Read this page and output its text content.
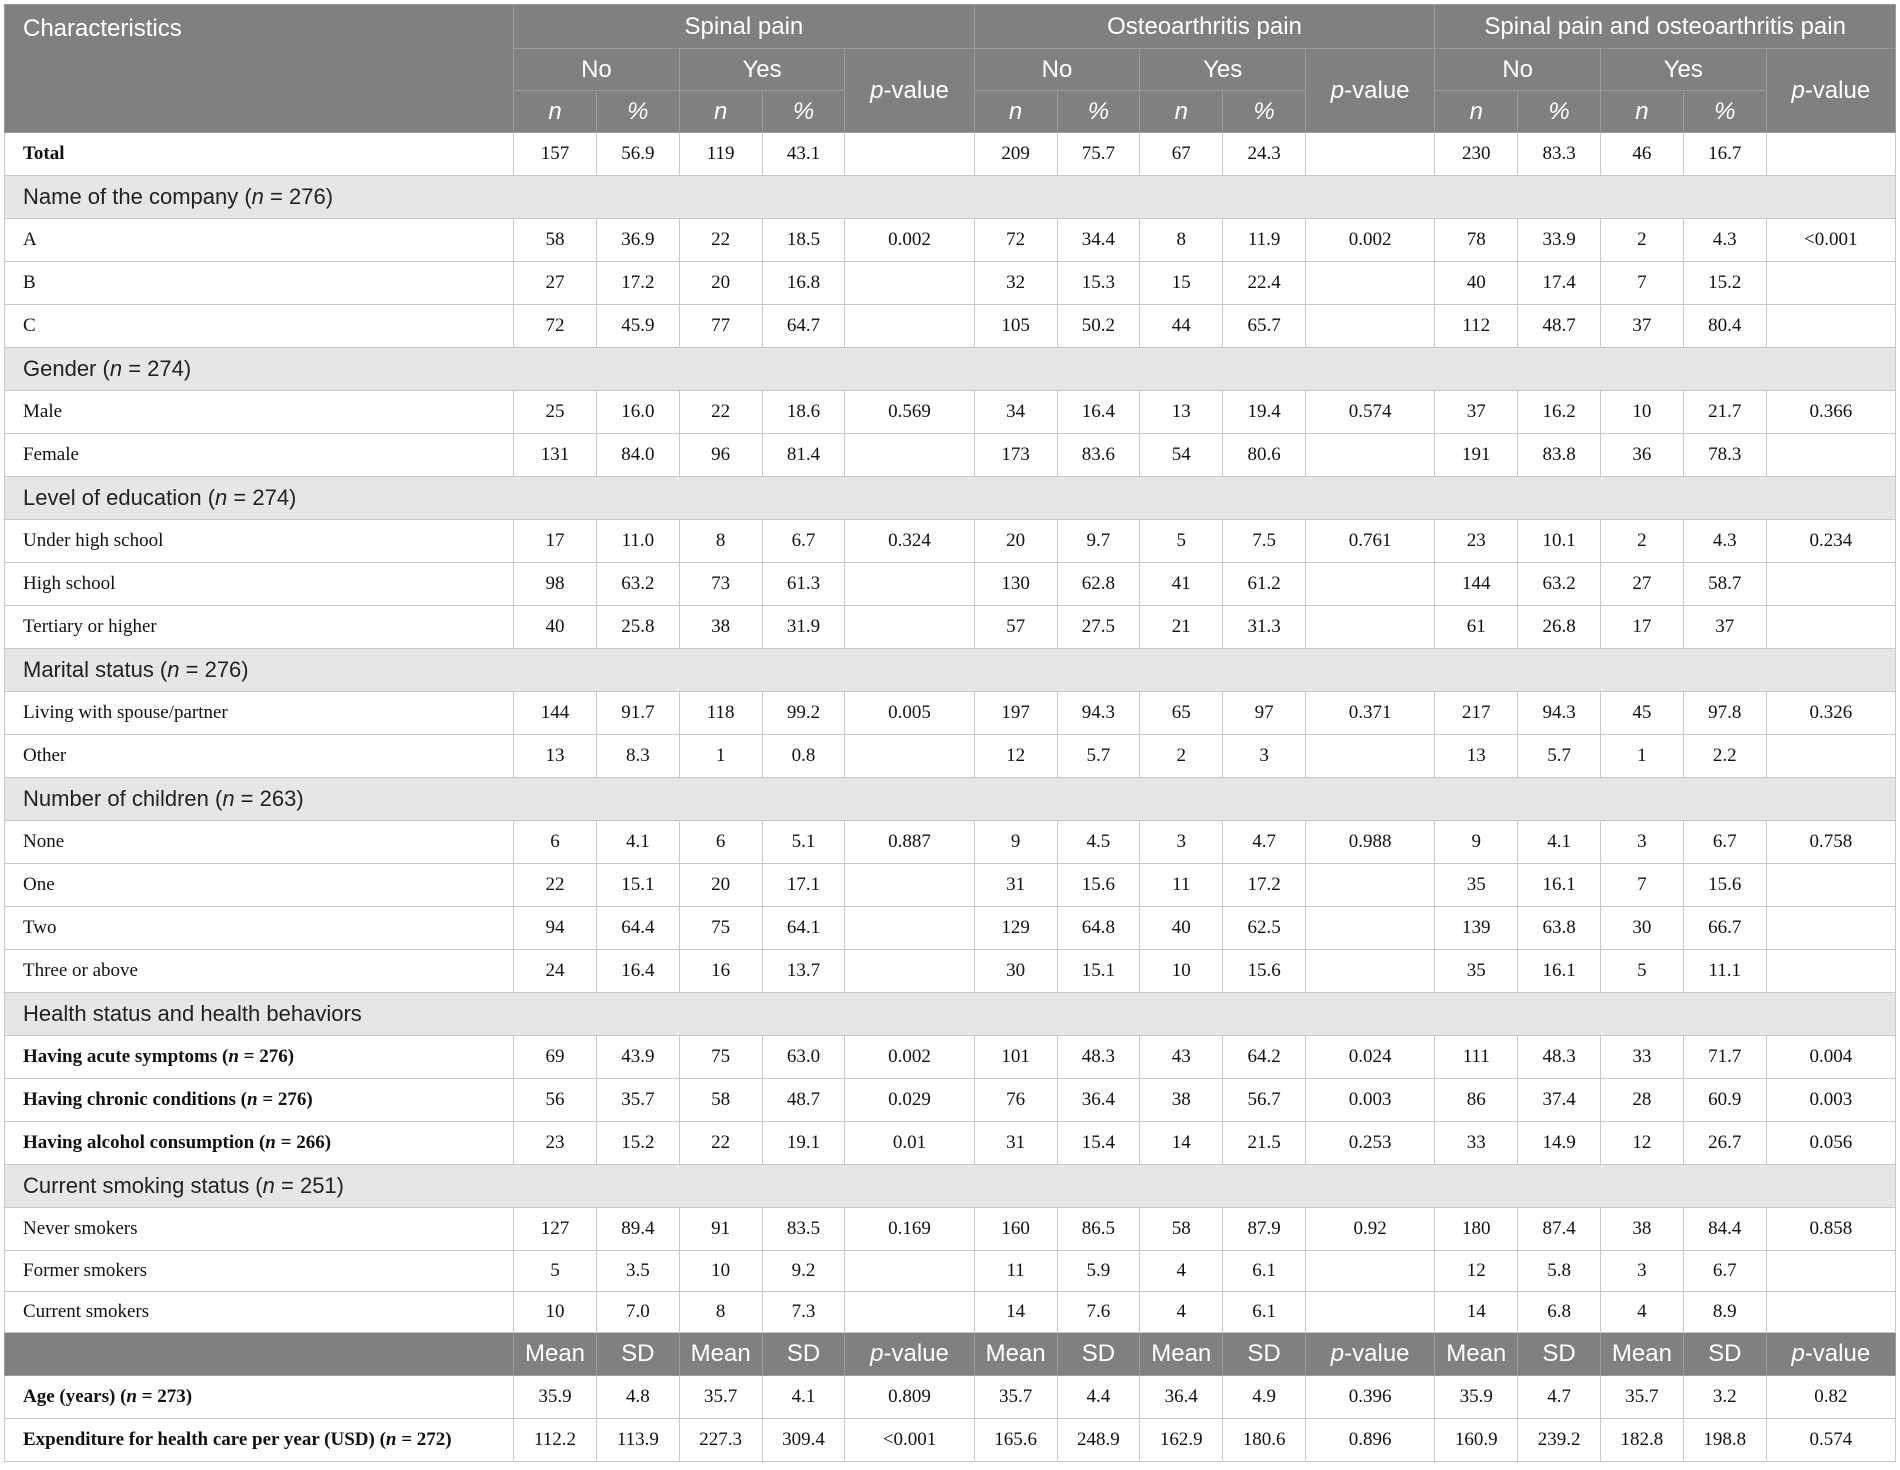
Characteristics	Spinal pain					Osteoarthritis pain					Spinal pain and osteoarthritis pain				
	No		Yes		p-value	No		Yes		p-value	No		Yes		p-value
	n	%	n	%		n	%	n	%		n	%	n	%	
Total	157	56.9	119	43.1		209	75.7	67	24.3		230	83.3	46	16.7	
Name of the company (n = 276)															
A	58	36.9	22	18.5	0.002	72	34.4	8	11.9	0.002	78	33.9	2	4.3	<0.001
B	27	17.2	20	16.8		32	15.3	15	22.4		40	17.4	7	15.2	
C	72	45.9	77	64.7		105	50.2	44	65.7		112	48.7	37	80.4	
Gender (n = 274)															
Male	25	16.0	22	18.6	0.569	34	16.4	13	19.4	0.574	37	16.2	10	21.7	0.366
Female	131	84.0	96	81.4		173	83.6	54	80.6		191	83.8	36	78.3	
Level of education (n = 274)															
Under high school	17	11.0	8	6.7	0.324	20	9.7	5	7.5	0.761	23	10.1	2	4.3	0.234
High school	98	63.2	73	61.3		130	62.8	41	61.2		144	63.2	27	58.7	
Tertiary or higher	40	25.8	38	31.9		57	27.5	21	31.3		61	26.8	17	37	
Marital status (n = 276)															
Living with spouse/partner	144	91.7	118	99.2	0.005	197	94.3	65	97	0.371	217	94.3	45	97.8	0.326
Other	13	8.3	1	0.8		12	5.7	2	3		13	5.7	1	2.2	
Number of children (n = 263)															
None	6	4.1	6	5.1	0.887	9	4.5	3	4.7	0.988	9	4.1	3	6.7	0.758
One	22	15.1	20	17.1		31	15.6	11	17.2		35	16.1	7	15.6	
Two	94	64.4	75	64.1		129	64.8	40	62.5		139	63.8	30	66.7	
Three or above	24	16.4	16	13.7		30	15.1	10	15.6		35	16.1	5	11.1	
Health status and health behaviors															
Having acute symptoms (n = 276)	69	43.9	75	63.0	0.002	101	48.3	43	64.2	0.024	111	48.3	33	71.7	0.004
Having chronic conditions (n = 276)	56	35.7	58	48.7	0.029	76	36.4	38	56.7	0.003	86	37.4	28	60.9	0.003
Having alcohol consumption (n = 266)	23	15.2	22	19.1	0.01	31	15.4	14	21.5	0.253	33	14.9	12	26.7	0.056
Current smoking status (n = 251)															
Never smokers	127	89.4	91	83.5	0.169	160	86.5	58	87.9	0.92	180	87.4	38	84.4	0.858
Former smokers	5	3.5	10	9.2		11	5.9	4	6.1		12	5.8	3	6.7	
Current smokers	10	7.0	8	7.3		14	7.6	4	6.1		14	6.8	4	8.9	
	Mean	SD	Mean	SD	p-value	Mean	SD	Mean	SD	p-value	Mean	SD	Mean	SD	p-value
Age (years) (n = 273)	35.9	4.8	35.7	4.1	0.809	35.7	4.4	36.4	4.9	0.396	35.9	4.7	35.7	3.2	0.82
Expenditure for health care per year (USD) (n = 272)	112.2	113.9	227.3	309.4	<0.001	165.6	248.9	162.9	180.6	0.896	160.9	239.2	182.8	198.8	0.574
